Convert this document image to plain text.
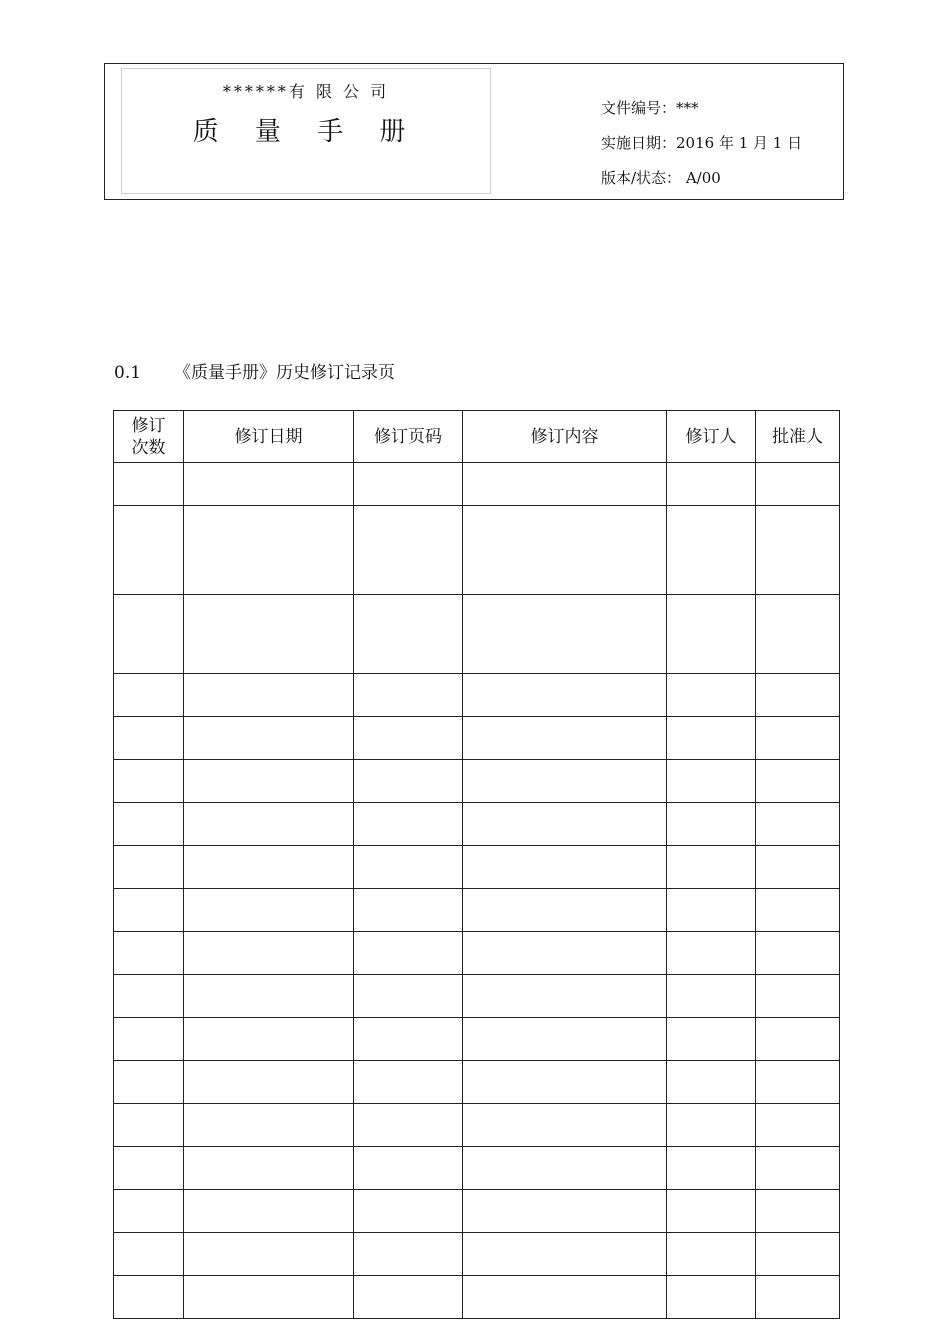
******有 限 公 司
质 量 手 册
文件编号：***
实施日期：2016 年 1 月 1 日
版本/状态： A/00
0.1 《质量手册》历史修订记录页
修订
次数	修订日期	修订页码	修订内容	修订人	批准人
